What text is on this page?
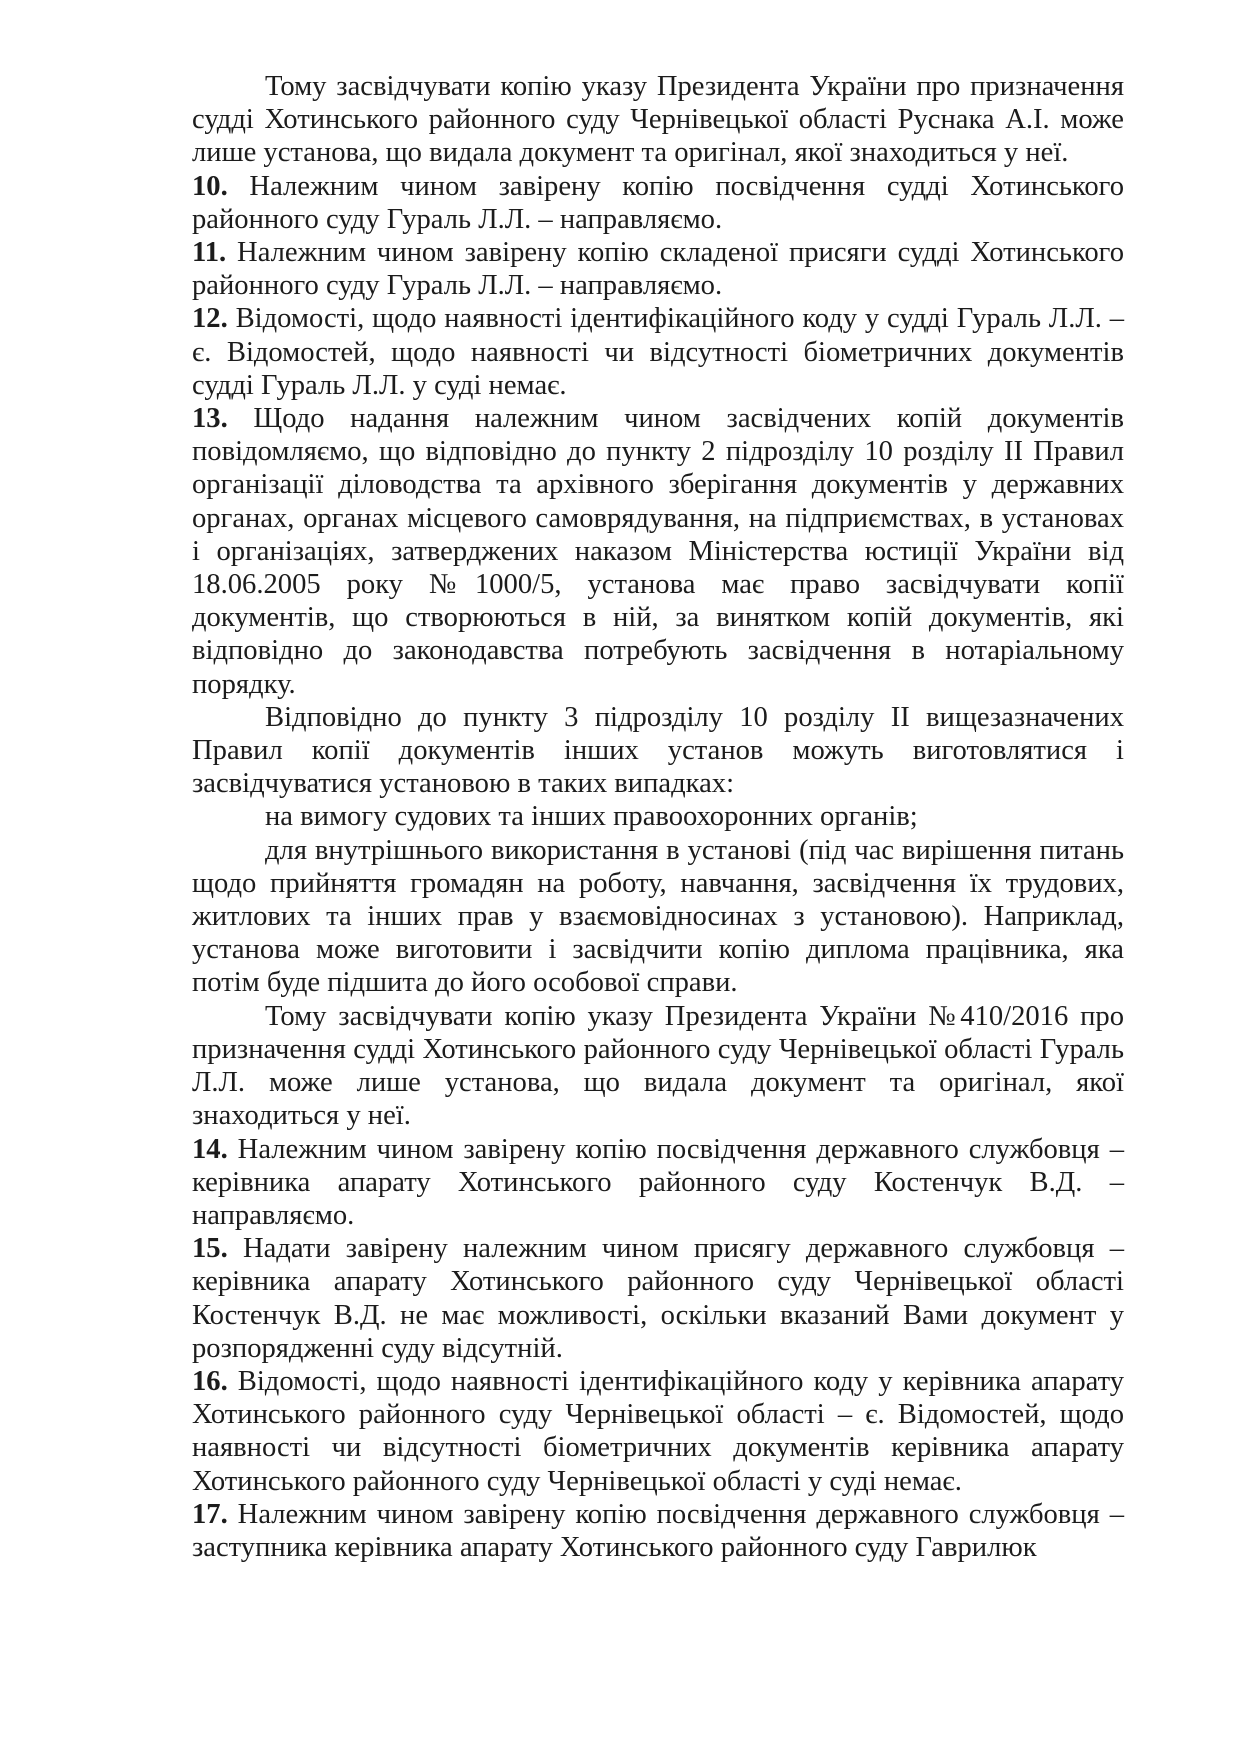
Тому засвідчувати копію указу Президента України про призначення судді Хотинського районного суду Чернівецької області Руснака А.І. може лише установа, що видала документ та оригінал, якої знаходиться у неї.

10. Належним чином завірену копію посвідчення судді Хотинського районного суду Гураль Л.Л. – направляємо.

11. Належним чином завірену копію складеної присяги судді Хотинського районного суду Гураль Л.Л. – направляємо.

12. Відомості, щодо наявності ідентифікаційного коду у судді Гураль Л.Л. – є. Відомостей, щодо наявності чи відсутності біометричних документів судді Гураль Л.Л. у суді немає.

13. Щодо надання належним чином засвідчених копій документів повідомляємо, що відповідно до пункту 2 підрозділу 10 розділу ІІ Правил організації діловодства та архівного зберігання документів у державних органах, органах місцевого самоврядування, на підприємствах, в установах і організаціях, затверджених наказом Міністерства юстиції України від 18.06.2005 року №1000/5, установа має право засвідчувати копії документів, що створюються в ній, за винятком копій документів, які відповідно до законодавства потребують засвідчення в нотаріальному порядку.

Відповідно до пункту 3 підрозділу 10 розділу ІІ вищезазначених Правил копії документів інших установ можуть виготовлятися і засвідчуватися установою в таких випадках:

на вимогу судових та інших правоохоронних органів;

для внутрішнього використання в установі (під час вирішення питань щодо прийняття громадян на роботу, навчання, засвідчення їх трудових, житлових та інших прав у взаємовідносинах з установою). Наприклад, установа може виготовити і засвідчити копію диплома працівника, яка потім буде підшита до його особової справи.

Тому засвідчувати копію указу Президента України №410/2016 про призначення судді Хотинського районного суду Чернівецької області Гураль Л.Л. може лише установа, що видала документ та оригінал, якої знаходиться у неї.

14. Належним чином завірену копію посвідчення державного службовця – керівника апарату Хотинського районного суду Костенчук В.Д. – направляємо.

15. Надати завірену належним чином присягу державного службовця – керівника апарату Хотинського районного суду Чернівецької області Костенчук В.Д. не має можливості, оскільки вказаний Вами документ у розпорядженні суду відсутній.

16. Відомості, щодо наявності ідентифікаційного коду у керівника апарату Хотинського районного суду Чернівецької області – є. Відомостей, щодо наявності чи відсутності біометричних документів керівника апарату Хотинського районного суду Чернівецької області у суді немає.

17. Належним чином завірену копію посвідчення державного службовця – заступника керівника апарату Хотинського районного суду Гаврилюк
